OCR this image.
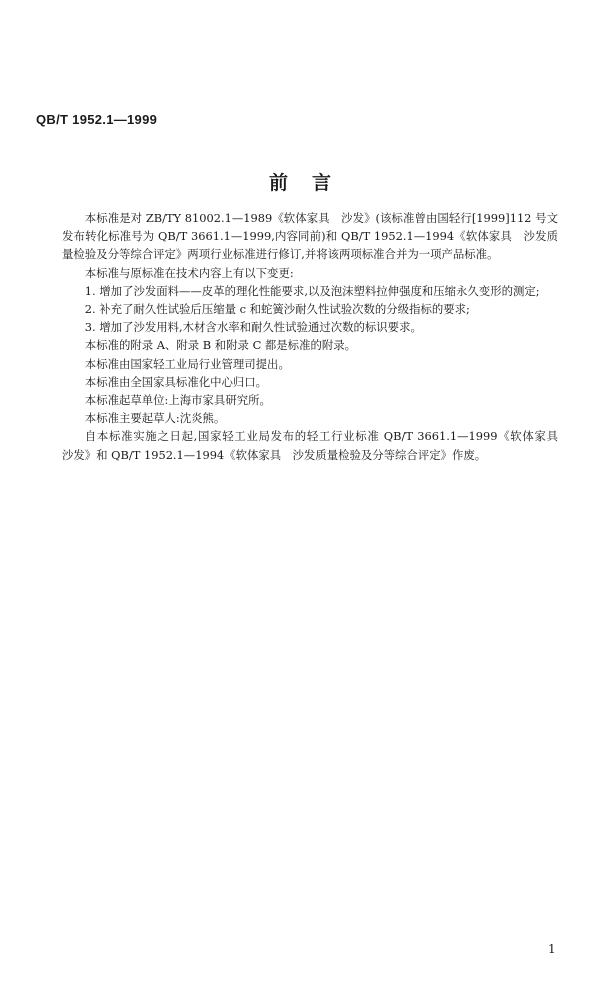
QB/T 1952.1—1999

前言

本标准是对 ZB/TY 81002.1—1989《软体家具　沙发》(该标准曾由国轻行[1999]112 号文发布转化标准号为 QB/T 3661.1—1999,内容同前)和 QB/T 1952.1—1994《软体家具　沙发质量检验及分等综合评定》两项行业标准进行修订,并将该两项标准合并为一项产品标准。

本标准与原标准在技术内容上有以下变更:

1. 增加了沙发面料——皮革的理化性能要求,以及泡沫塑料拉伸强度和压缩永久变形的测定;

2. 补充了耐久性试验后压缩量 c 和蛇簧沙耐久性试验次数的分级指标的要求;

3. 增加了沙发用料,木材含水率和耐久性试验通过次数的标识要求。

本标准的附录 A、附录 B 和附录 C 都是标准的附录。

本标准由国家轻工业局行业管理司提出。

本标准由全国家具标准化中心归口。

本标准起草单位:上海市家具研究所。

本标准主要起草人:沈炎熊。

自本标准实施之日起,国家轻工业局发布的轻工行业标准 QB/T 3661.1—1999《软体家具　沙发》和 QB/T 1952.1—1994《软体家具　沙发质量检验及分等综合评定》作废。

1
